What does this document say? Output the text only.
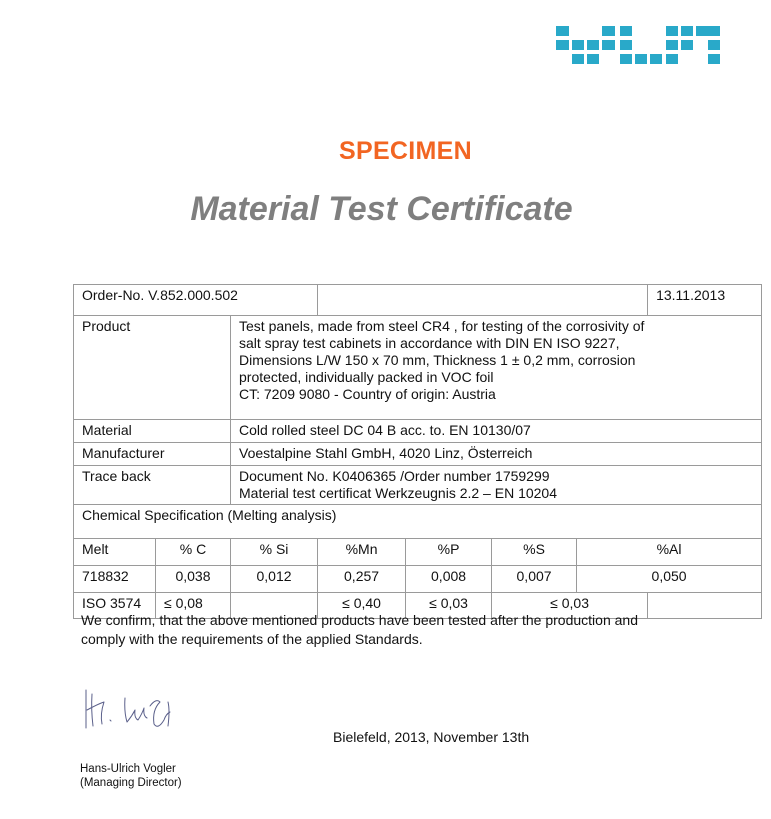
SPECIMEN
Material Test Certificate
Order-No. V.852.000.502							13.11.2013
Product		Test panels, made from steel CR4 , for testing of the corrosivity of
salt spray test cabinets in accordance with DIN EN ISO 9227,
Dimensions L/W 150 x 70 mm, Thickness 1 ± 0,2 mm, corrosion
protected, individually packed in VOC foil
CT: 7209 9080 - Country of origin: Austria					

Material		Cold rolled steel DC 04 B acc. to. EN 10130/07					
Manufacturer		Voestalpine Stahl GmbH, 4020 Linz, Österreich					
Trace back		Document No. K0406365 /Order number 1759299
Material test certificat Werkzeugnis 2.2 – EN 10204					

Chemical Specification (Melting analysis)							
Melt	% C	% Si	%Mn	%P	%S	%Al	
718832	0,038	0,012	0,257	0,008	0,007	0,050	
ISO 3574	≤ 0,08		≤ 0,40	≤ 0,03	≤ 0,03		
We confirm, that the above mentioned products have been tested after the production and
comply with the requirements of the applied Standards.
Bielefeld, 2013, November 13th
Hans-Ulrich Vogler
(Managing Director)
